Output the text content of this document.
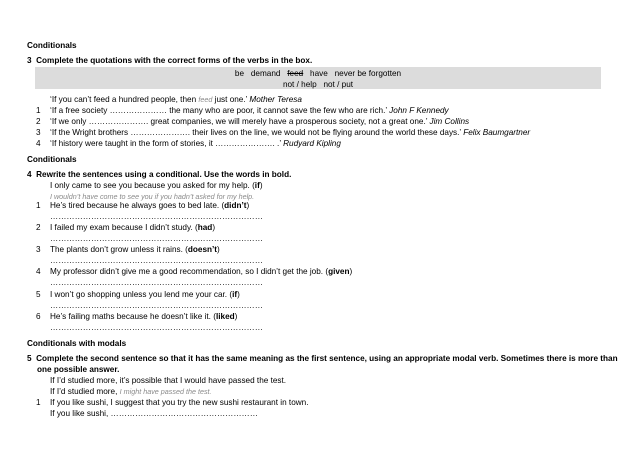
Conditionals
3 Complete the quotations with the correct forms of the verbs in the box.
be demand feed have never be forgotten
not / help   not / put
‘If you can’t feed a hundred people, then feed just one.’ Mother Teresa
1	‘If a free society ………………… the many who are poor, it cannot save the few who are rich.’ John F Kennedy
2	‘If we only …………………. great companies, we will merely have a prosperous society, not a great one.’ Jim Collins
3	‘If the Wright brothers …………………. their lives on the line, we would not be flying around the world these days.’ Felix Baumgartner
4	‘If history were taught in the form of stories, it …………………. .’ Rudyard Kipling
Conditionals
4 Rewrite the sentences using a conditional. Use the words in bold.
I only came to see you because you asked for my help. (if)
I wouldn’t have come to see you if you hadn’t asked for my help.
1	He’s tired because he always goes to bed late. (didn’t)
……………………………………………………………………
2	I failed my exam because I didn’t study. (had)
……………………………………………………………………
3	The plants don’t grow unless it rains. (doesn’t)
……………………………………………………………………
4	My professor didn’t give me a good recommendation, so I didn’t get the job. (given)
……………………………………………………………………
5	I won’t go shopping unless you lend me your car. (if)
……………………………………………………………………
6	He’s failing maths because he doesn’t like it. (liked)
……………………………………………………………………
Conditionals with modals
5 Complete the second sentence so that it has the same meaning as the first sentence, using an appropriate modal verb. Sometimes there is more than
one possible answer.
If I’d studied more, it’s possible that I would have passed the test.
If I’d studied more, I might have passed the test.
1	If you like sushi, I suggest that you try the new sushi restaurant in town.
If you like sushi, ………………………………………………
